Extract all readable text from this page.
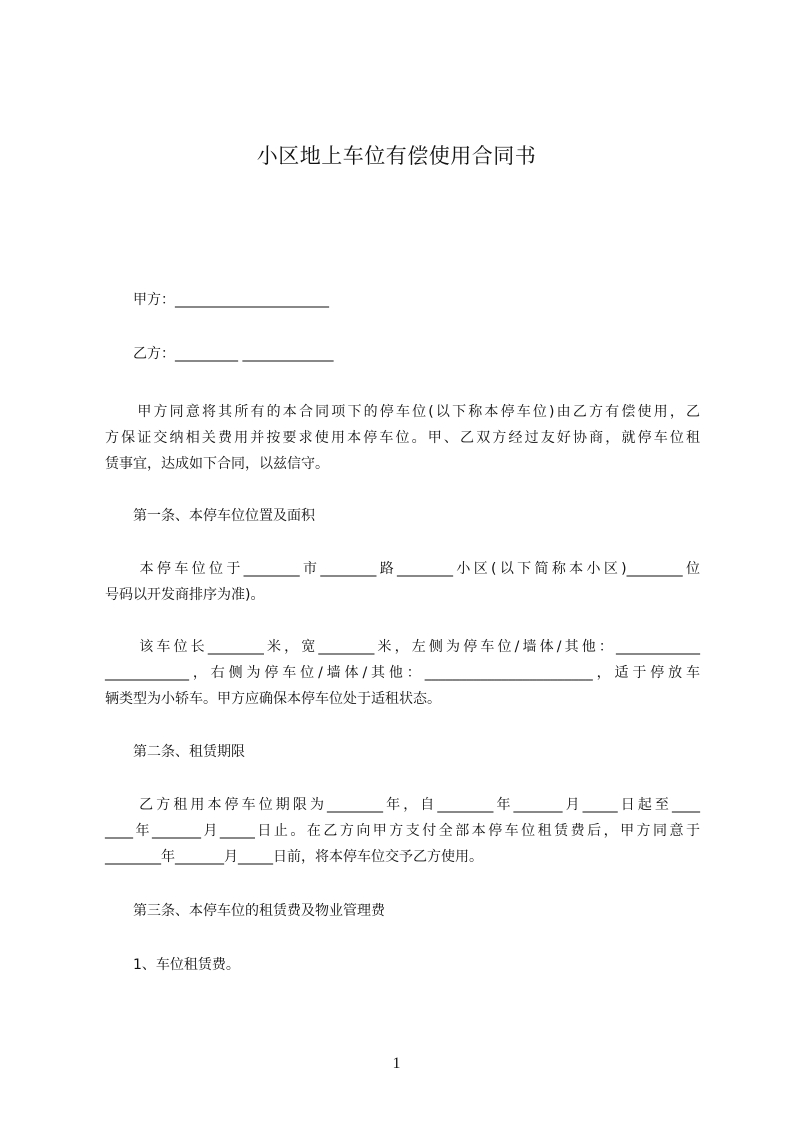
小区地上车位有偿使用合同书

　　甲方：______________________

　　乙方：_________ _____________

　　甲方同意将其所有的本合同项下的停车位(以下称本停车位)由乙方有偿使用，乙

方保证交纳相关费用并按要求使用本停车位。甲、乙双方经过友好协商，就停车位租

赁事宜，达成如下合同，以兹信守。

　　第一条、本停车位位置及面积

　　本停车位位于________市________路________小区(以下简称本小区)________位

号码以开发商排序为准)。

　　该车位长________米，宽________米，左侧为停车位/墙体/其他：____________

____________，右侧为停车位/墙体/其他：________________________，适于停放车

辆类型为小轿车。甲方应确保本停车位处于适租状态。

　　第二条、租赁期限

　　乙方租用本停车位期限为________年，自________年_______月_____日起至____

____年_______月_____日止。在乙方向甲方支付全部本停车位租赁费后，甲方同意于

________年_______月_____日前，将本停车位交予乙方使用。

　　第三条、本停车位的租赁费及物业管理费

　　1、车位租赁费。

1
